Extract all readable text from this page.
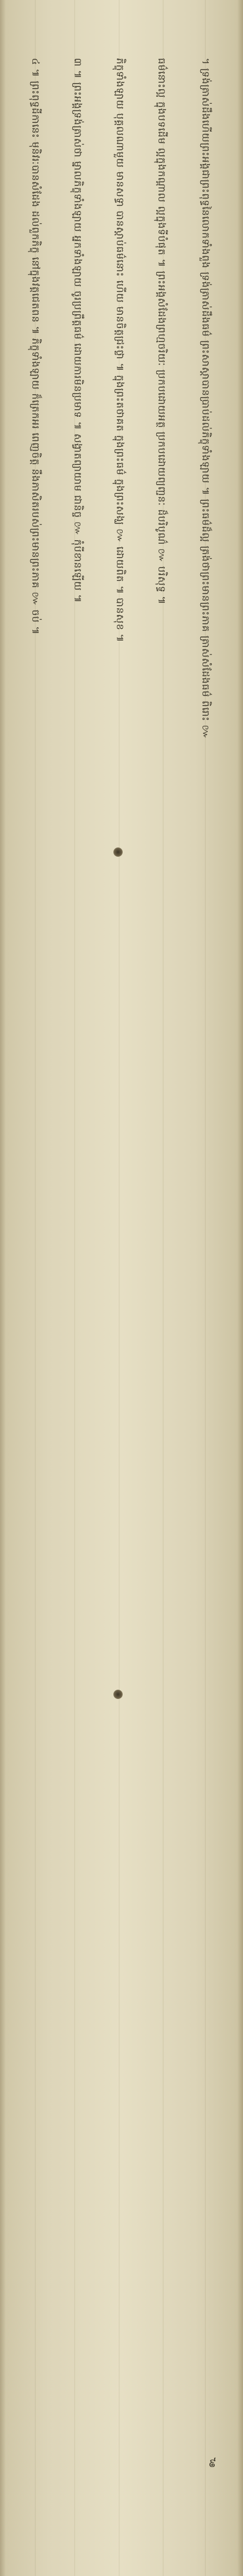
។ ទ្រង់ត្រាស់ដឹងហើយព្រះអង្គជាព្រះពុទ្ធនៃលោកទាំងពួង ទ្រង់ត្រាស់ដឹងធម៌ ព្រះសាស្ដាបានប្រាប់ដល់ភិក្ខុទាំងឡាយ ៕ ព្រះធម៌ដ៏ល្អ ត្រង់ថាព្រះមានព្រះភាគ ត្រាស់សំដែងធម៌ ពិរោះ ៚
ធម៌នោះល្អ ក្នុងបទដើម ល្អក្នុងកណ្ដាល ល្អក្នុងទីបំផុត ៕ ព្រះអង្គសំដែងព្រហ្មចរិយៈ ប្រកបដោយអត្ថ ប្រកបដោយព្យញ្ជនៈ ដ៏បរិបូណ៌ ៚ បរិសុទ្ធ ៕
ភិក្ខុទាំងឡាយ បុគ្គលណាមួយ មានសទ្ធា បានស្ដាប់ធម៌នោះ ហើយ មានចិត្តជ្រះថ្លា ៕ ក្នុងព្រះតថាគត ក្នុងព្រះធម៌ ក្នុងព្រះសង្ឃ ៚ ដោយពិត ៕ បានសុខ ៕
៣ ៕ ព្រះអង្គទ្រង់ត្រាស់ថា ម្នាលភិក្ខុទាំងឡាយ អ្នកទាំងឡាយ ចូរប្រព្រឹត្តធម៌ ដោយការមិនប្រមាទ ៕ សង្វាតព្យាយាម ជានិច្ច ៚ កុំបីខានឡើយ ៕
៤ ៕ ព្រះពុទ្ធដីកានេះ មុនិវរៈបានសំដែង ដល់ពួកភិក្ខុ នៅក្នុងវត្តជេតពន ៕ ភិក្ខុទាំងឡាយ ក៏ត្រេកអរ ពេញចិត្ត នឹងភាសិតរបស់ព្រះមានព្រះភាគ ៚ ចប់ ៕
៩
